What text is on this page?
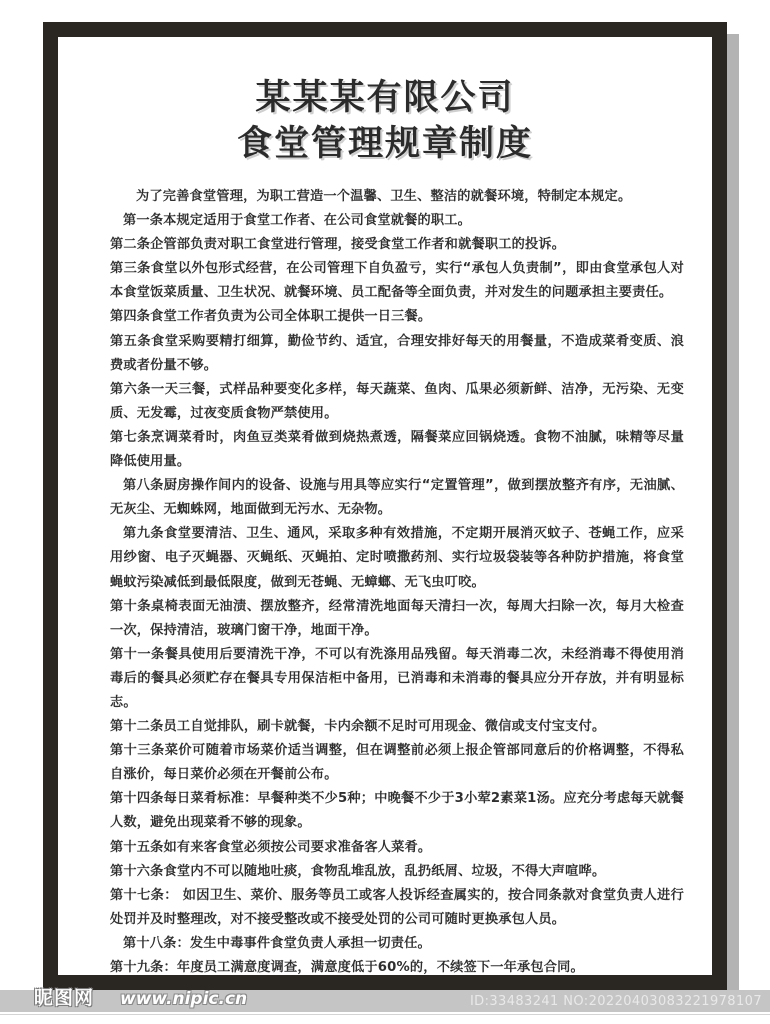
某某某有限公司
食堂管理规章制度

为了完善食堂管理，为职工营造一个温馨、卫生、整洁的就餐环境，特制定本规定。

第一条本规定适用于食堂工作者、在公司食堂就餐的职工。

第二条企管部负责对职工食堂进行管理，接受食堂工作者和就餐职工的投诉。

第三条食堂以外包形式经营，在公司管理下自负盈亏，实行“承包人负责制”，即由食堂承包人对本食堂饭菜质量、卫生状况、就餐环境、员工配备等全面负责，并对发生的问题承担主要责任。

第四条食堂工作者负责为公司全体职工提供一日三餐。

第五条食堂采购要精打细算，勤俭节约、适宜，合理安排好每天的用餐量，不造成菜肴变质、浪费或者份量不够。

第六条一天三餐，式样品种要变化多样，每天蔬菜、鱼肉、瓜果必须新鲜、洁净，无污染、无变质、无发霉，过夜变质食物严禁使用。

第七条烹调菜肴时，肉鱼豆类菜肴做到烧热煮透，隔餐菜应回锅烧透。食物不油腻，味精等尽量降低使用量。

第八条厨房操作间内的设备、设施与用具等应实行“定置管理”，做到摆放整齐有序，无油腻、无灰尘、无蜘蛛网，地面做到无污水、无杂物。

第九条食堂要清洁、卫生、通风，采取多种有效措施，不定期开展消灭蚊子、苍蝇工作，应采用纱窗、电子灭蝇器、灭蝇纸、灭蝇拍、定时喷撒药剂、实行垃圾袋装等各种防护措施，将食堂蝇蚊污染减低到最低限度，做到无苍蝇、无蟑螂、无飞虫叮咬。

第十条桌椅表面无油渍、摆放整齐，经常清洗地面每天清扫一次，每周大扫除一次，每月大检查一次，保持清洁，玻璃门窗干净，地面干净。

第十一条餐具使用后要清洗干净，不可以有洗涤用品残留。每天消毒二次，未经消毒不得使用消毒后的餐具必须贮存在餐具专用保洁柜中备用，已消毒和未消毒的餐具应分开存放，并有明显标志。

第十二条员工自觉排队，刷卡就餐，卡内余额不足时可用现金、微信或支付宝支付。

第十三条菜价可随着市场菜价适当调整，但在调整前必须上报企管部同意后的价格调整，不得私自涨价，每日菜价必须在开餐前公布。

第十四条每日菜肴标准：早餐种类不少5种；中晚餐不少于3小荤2素菜1汤。应充分考虑每天就餐人数，避免出现菜肴不够的现象。

第十五条如有来客食堂必须按公司要求准备客人菜肴。

第十六条食堂内不可以随地吐痰，食物乱堆乱放，乱扔纸屑、垃圾，不得大声喧哗。

第十七条： 如因卫生、菜价、服务等员工或客人投诉经查属实的，按合同条款对食堂负责人进行处罚并及时整理改，对不接受整改或不接受处罚的公司可随时更换承包人员。

第十八条：发生中毒事件食堂负责人承担一切责任。

第十九条：年度员工满意度调查，满意度低于60%的，不续签下一年承包合同。

昵图网 www.nipic.cn	ID:33483241 NO:20220403083221978107
